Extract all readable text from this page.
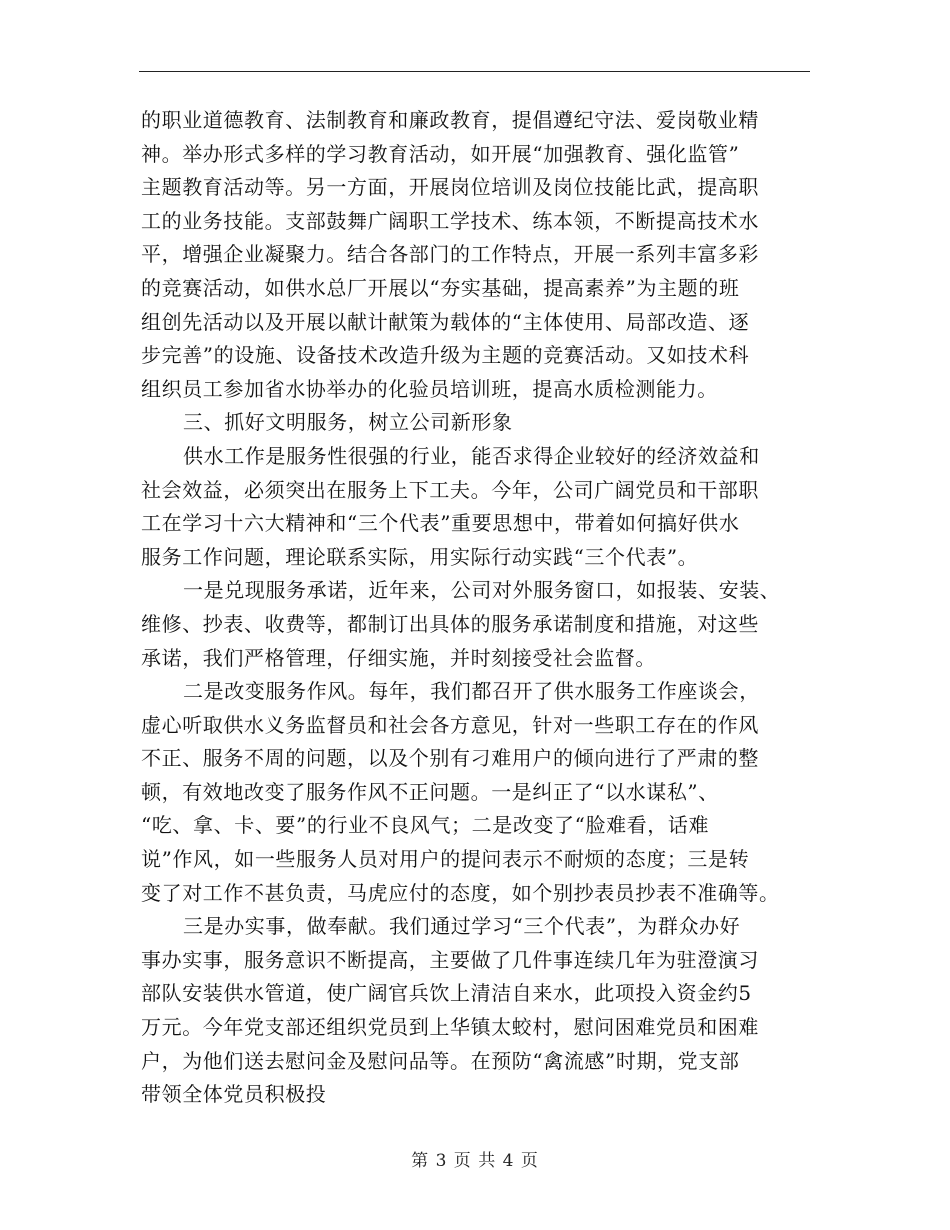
的职业道德教育、法制教育和廉政教育，提倡遵纪守法、爱岗敬业精
神。举办形式多样的学习教育活动，如开展“加强教育、强化监管”
主题教育活动等。另一方面，开展岗位培训及岗位技能比武，提高职
工的业务技能。支部鼓舞广阔职工学技术、练本领，不断提高技术水
平，增强企业凝聚力。结合各部门的工作特点，开展一系列丰富多彩
的竞赛活动，如供水总厂开展以“夯实基础，提高素养”为主题的班
组创先活动以及开展以献计献策为载体的“主体使用、局部改造、逐
步完善”的设施、设备技术改造升级为主题的竞赛活动。又如技术科
组织员工参加省水协举办的化验员培训班，提高水质检测能力。
三、抓好文明服务，树立公司新形象
供水工作是服务性很强的行业，能否求得企业较好的经济效益和
社会效益，必须突出在服务上下工夫。今年，公司广阔党员和干部职
工在学习十六大精神和“三个代表”重要思想中，带着如何搞好供水
服务工作问题，理论联系实际，用实际行动实践“三个代表”。
一是兑现服务承诺，近年来，公司对外服务窗口，如报装、安装、
维修、抄表、收费等，都制订出具体的服务承诺制度和措施，对这些
承诺，我们严格管理，仔细实施，并时刻接受社会监督。
二是改变服务作风。每年，我们都召开了供水服务工作座谈会，
虚心听取供水义务监督员和社会各方意见，针对一些职工存在的作风
不正、服务不周的问题，以及个别有刁难用户的倾向进行了严肃的整
顿，有效地改变了服务作风不正问题。一是纠正了“以水谋私”、
“吃、拿、卡、要”的行业不良风气；二是改变了“脸难看，话难
说”作风，如一些服务人员对用户的提问表示不耐烦的态度；三是转
变了对工作不甚负责，马虎应付的态度，如个别抄表员抄表不准确等。
三是办实事，做奉献。我们通过学习“三个代表”，为群众办好
事办实事，服务意识不断提高，主要做了几件事连续几年为驻澄演习
部队安装供水管道，使广阔官兵饮上清洁自来水，此项投入资金约5
万元。今年党支部还组织党员到上华镇太蛟村，慰问困难党员和困难
户，为他们送去慰问金及慰问品等。在预防“禽流感”时期，党支部
带领全体党员积极投
第 3 页 共 4 页
